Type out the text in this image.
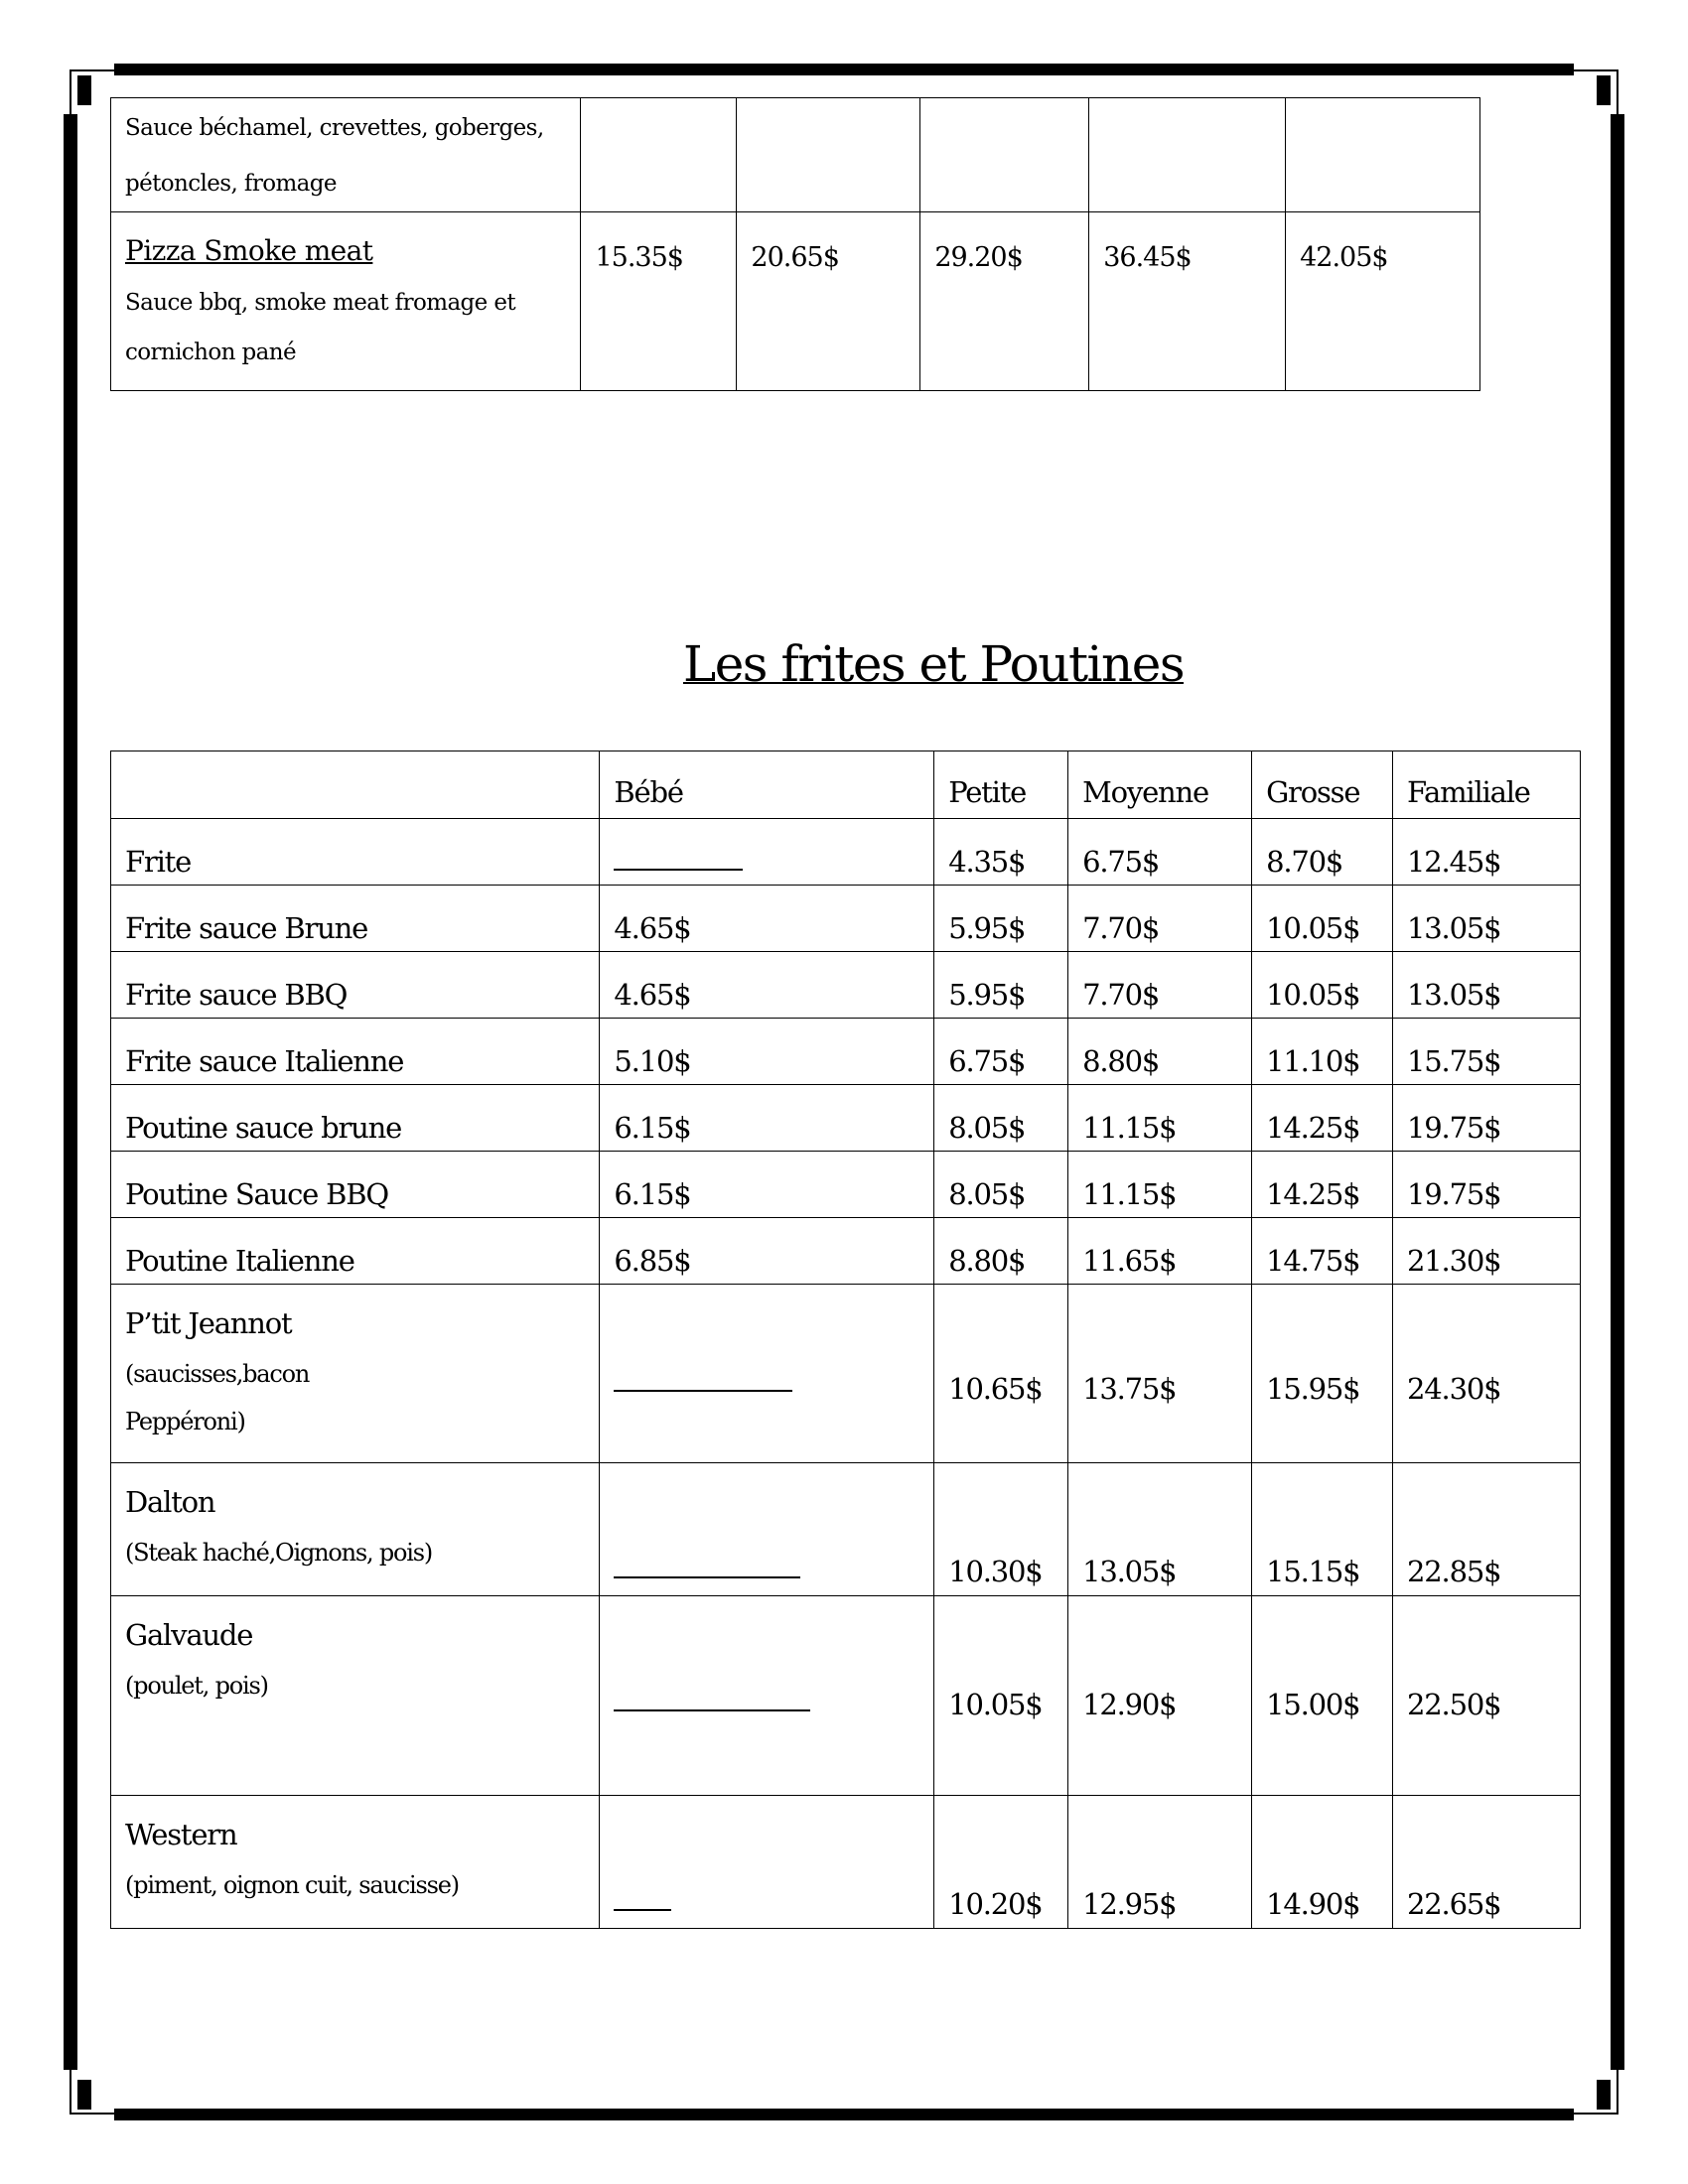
Sauce béchamel, crevettes, goberges,
pétoncles, fromage					
Pizza Smoke meat
Sauce bbq, smoke meat fromage et
cornichon pané	15.35$	20.65$	29.20$	36.45$	42.05$
Les frites et Poutines
	Bébé	Petite	Moyenne	Grosse	Familiale
Frite		4.35$	6.75$	8.70$	12.45$
Frite sauce Brune	4.65$	5.95$	7.70$	10.05$	13.05$
Frite sauce BBQ	4.65$	5.95$	7.70$	10.05$	13.05$
Frite sauce Italienne	5.10$	6.75$	8.80$	11.10$	15.75$
Poutine sauce brune	6.15$	8.05$	11.15$	14.25$	19.75$
Poutine Sauce BBQ	6.15$	8.05$	11.15$	14.25$	19.75$
Poutine Italienne	6.85$	8.80$	11.65$	14.75$	21.30$
P’tit Jeannot
(saucisses,bacon
Peppéroni)		10.65$	13.75$	15.95$	24.30$
Dalton
(Steak haché,Oignons, pois)		10.30$	13.05$	15.15$	22.85$
Galvaude
(poulet, pois)		10.05$	12.90$	15.00$	22.50$
Western
(piment, oignon cuit, saucisse)		10.20$	12.95$	14.90$	22.65$
